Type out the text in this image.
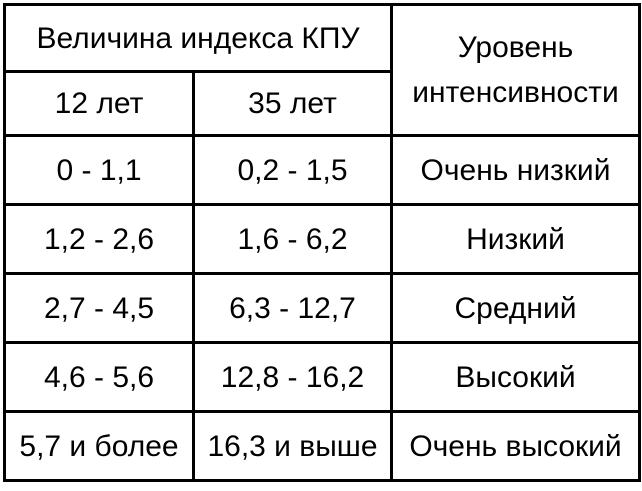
Величина индекса КПУ		Уровень интенсивности
12 лет	35 лет	
0 - 1,1	0,2 - 1,5	Очень низкий
1,2 - 2,6	1,6 - 6,2	Низкий
2,7 - 4,5	6,3 - 12,7	Средний
4,6 - 5,6	12,8 - 16,2	Высокий
5,7 и более	16,3 и выше	Очень высокий
